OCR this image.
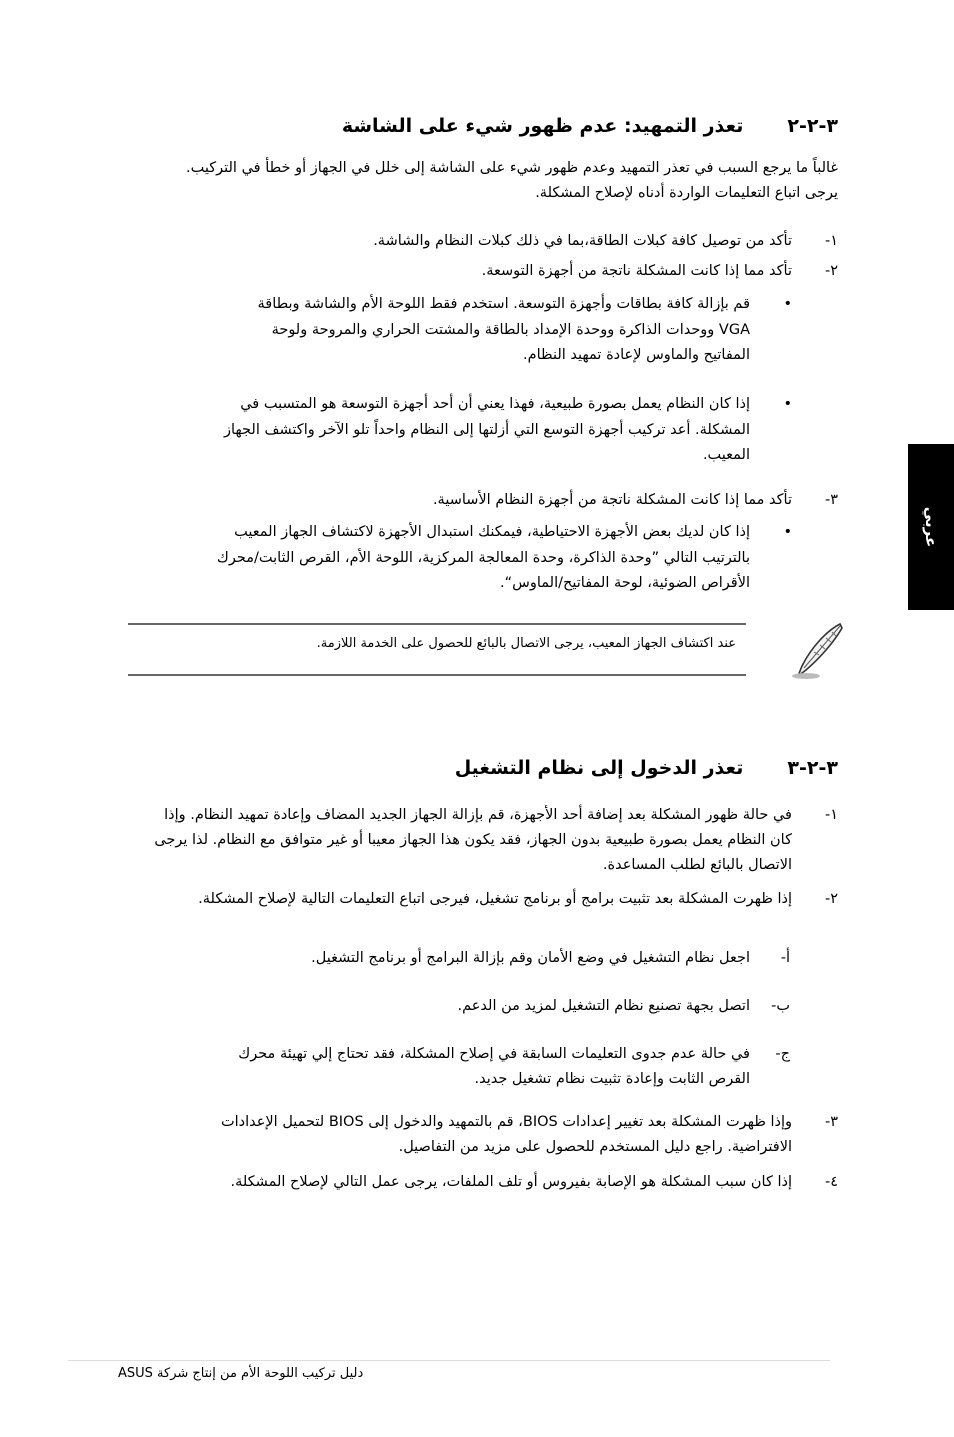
٣-٢-٢تعذر التمهيد: عدم ظهور شيء على الشاشة
غالباً ما يرجع السبب في تعذر التمهيد وعدم ظهور شيء على الشاشة إلى خلل في الجهاز أو خطأ في التركيب. يرجى اتباع التعليمات الواردة أدناه لإصلاح المشكلة.
١-
تأكد من توصيل كافة كبلات الطاقة،بما في ذلك كبلات النظام والشاشة.
٢-
تأكد مما إذا كانت المشكلة ناتجة من أجهزة التوسعة.
•
قم بإزالة كافة بطاقات وأجهزة التوسعة. استخدم فقط اللوحة الأم والشاشة وبطاقة VGA ووحدات الذاكرة ووحدة الإمداد بالطاقة والمشتت الحراري والمروحة ولوحة المفاتيح والماوس لإعادة تمهيد النظام.
•
إذا كان النظام يعمل بصورة طبيعية، فهذا يعني أن أحد أجهزة التوسعة هو المتسبب في المشكلة. أعد تركيب أجهزة التوسع التي أزلتها إلى النظام واحداً تلو الآخر واكتشف الجهاز المعيب.
٣-
تأكد مما إذا كانت المشكلة ناتجة من أجهزة النظام الأساسية.
•
إذا كان لديك بعض الأجهزة الاحتياطية، فيمكنك استبدال الأجهزة لاكتشاف الجهاز المعيب بالترتيب التالي ”وحدة الذاكرة، وحدة المعالجة المركزية، اللوحة الأم، القرص الثابت/محرك الأقراص الضوئية، لوحة المفاتيح/الماوس“.
عند اكتشاف الجهاز المعيب، يرجى الاتصال بالبائع للحصول على الخدمة اللازمة.
٣-٢-٣تعذر الدخول إلى نظام التشغيل
١-
في حالة ظهور المشكلة بعد إضافة أحد الأجهزة، قم بإزالة الجهاز الجديد المضاف وإعادة تمهيد النظام. وإذا كان النظام يعمل بصورة طبيعية بدون الجهاز، فقد يكون هذا الجهاز معيبا أو غير متوافق مع النظام. لذا يرجى الاتصال بالبائع لطلب المساعدة.
٢-
إذا ظهرت المشكلة بعد تثبيت برامج أو برنامج تشغيل، فيرجى اتباع التعليمات التالية لإصلاح المشكلة.
أ-
اجعل نظام التشغيل في وضع الأمان وقم بإزالة البرامج أو برنامج التشغيل.
ب-
اتصل بجهة تصنيع نظام التشغيل لمزيد من الدعم.
ج-
في حالة عدم جدوى التعليمات السابقة في إصلاح المشكلة، فقد تحتاج إلي تهيئة محرك القرص الثابت وإعادة تثبيت نظام تشغيل جديد.
٣-
وإذا ظهرت المشكلة بعد تغيير إعدادات BIOS، قم بالتمهيد والدخول إلى BIOS لتحميل الإعدادات الافتراضية. راجع دليل المستخدم للحصول على مزيد من التفاصيل.
٤-
إذا كان سبب المشكلة هو الإصابة بفيروس أو تلف الملفات، يرجى عمل التالي لإصلاح المشكلة.
عربي
دليل تركيب اللوحة الأم من إنتاج شركة ASUS
